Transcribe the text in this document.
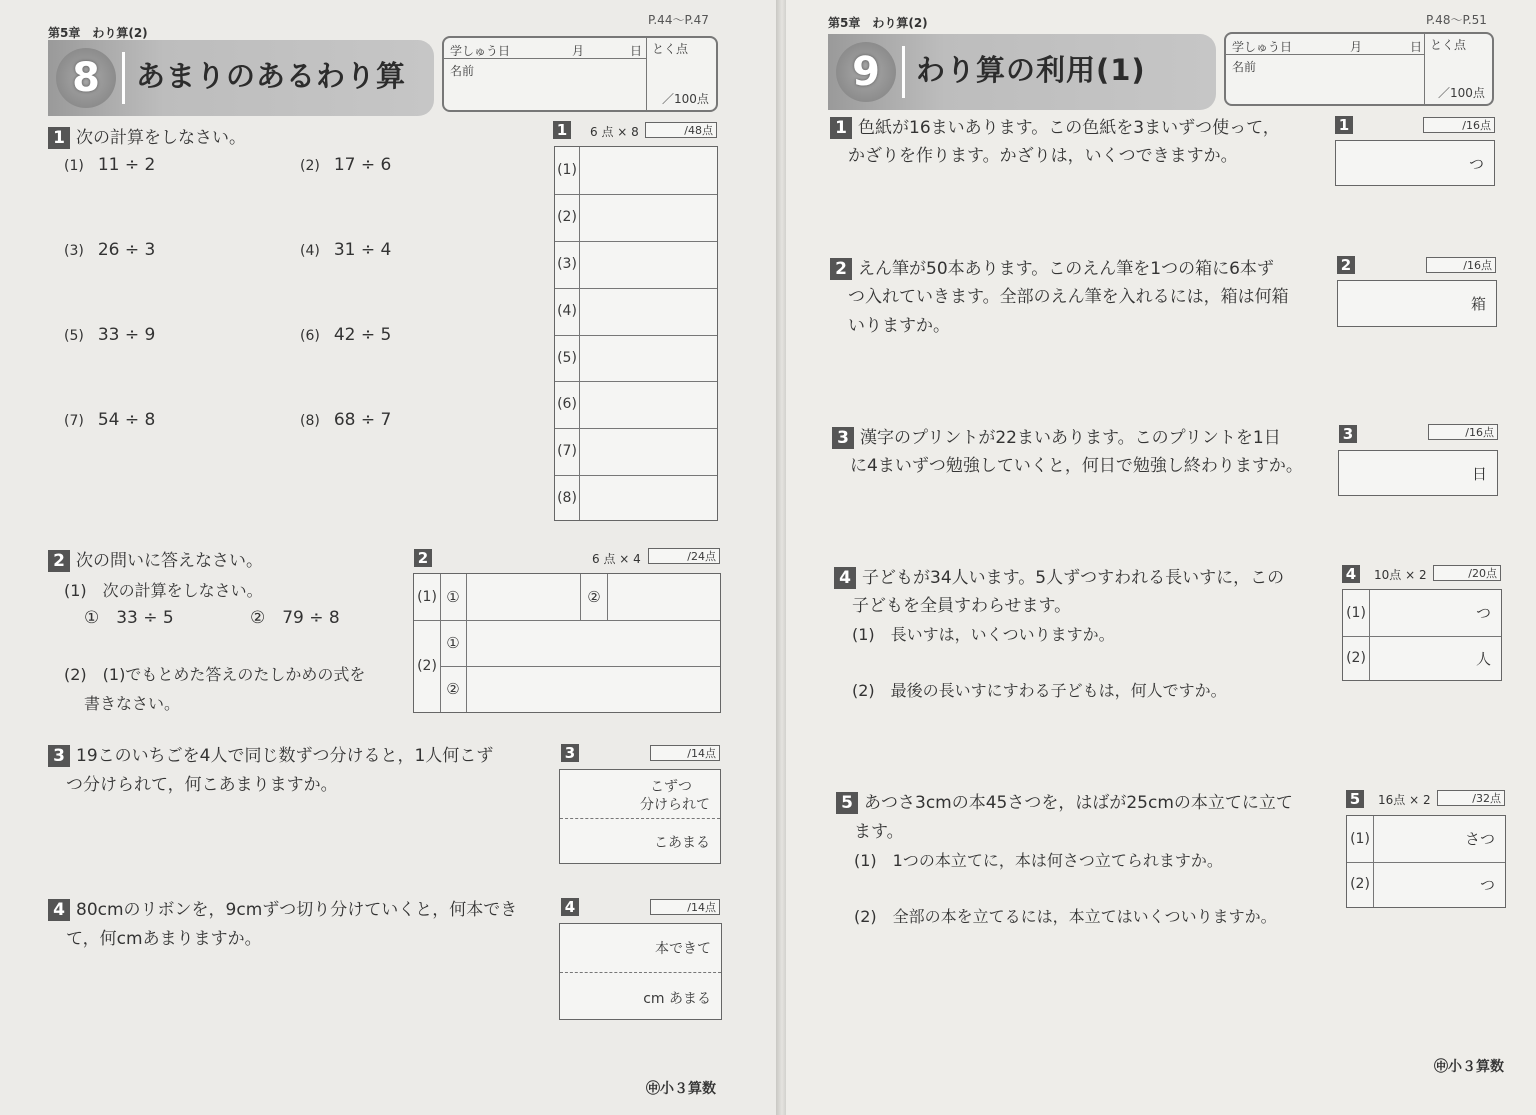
第5章　わり算(2)
P.44〜P.47
8	あまりのあるわり算
学しゅう日	月	日 とく点
名前
／100点
1 次の計算をしなさい。
(1) 11 ÷ 2	(2) 17 ÷ 6
(3) 26 ÷ 3	(4) 31 ÷ 4
(5) 33 ÷ 9	(6) 42 ÷ 5
(7) 54 ÷ 8	(8) 68 ÷ 7
1	6 点 × 8	/48点
(1)
(2)
(3)
(4)
(5)
(6)
(7)
(8)
2 次の問いに答えなさい。
(1)　次の計算をしなさい。
①　33 ÷ 5	②　79 ÷ 8
(2)　(1)でもとめた答えのたしかめの式を
書きなさい。
2	6 点 × 4	/24点
(1) ①	②
(2)
①
②
3 19このいちごを4人で同じ数ずつ分けると，1人何こず
つ分けられて，何こあまりますか。
3	/14点
こずつ
分けられて
こあまる
4 80cmのリボンを，9cmずつ切り分けていくと，何本でき
て，何cmあまりますか。
4	/14点
本できて
cm あまる
㊥小３算数
第5章　わり算(2)	P.48〜P.51
9	わり算の利用(1)
学しゅう日	月	日 とく点
名前
／100点
1 色紙が16まいあります。この色紙を3まいずつ使って，
かざりを作ります。かざりは，いくつできますか。
1	/16点
つ
2 えん筆が50本あります。このえん筆を1つの箱に6本ず
つ入れていきます。全部のえん筆を入れるには，箱は何箱
いりますか。
2	/16点
箱
3 漢字のプリントが22まいあります。このプリントを1日
に4まいずつ勉強していくと，何日で勉強し終わりますか。
3	/16点
日
4 子どもが34人います。5人ずつすわれる長いすに，この
子どもを全員すわらせます。
(1)　長いすは，いくついりますか。
(2)　最後の長いすにすわる子どもは，何人ですか。
4	10点 × 2	/20点
(1)	つ
(2)	人
5 あつさ3cmの本45さつを，はばが25cmの本立てに立て
ます。
(1)　1つの本立てに，本は何さつ立てられますか。
(2)　全部の本を立てるには，本立てはいくついりますか。
5	16点 × 2	/32点
(1)	さつ
(2)	つ
㊥小３算数
